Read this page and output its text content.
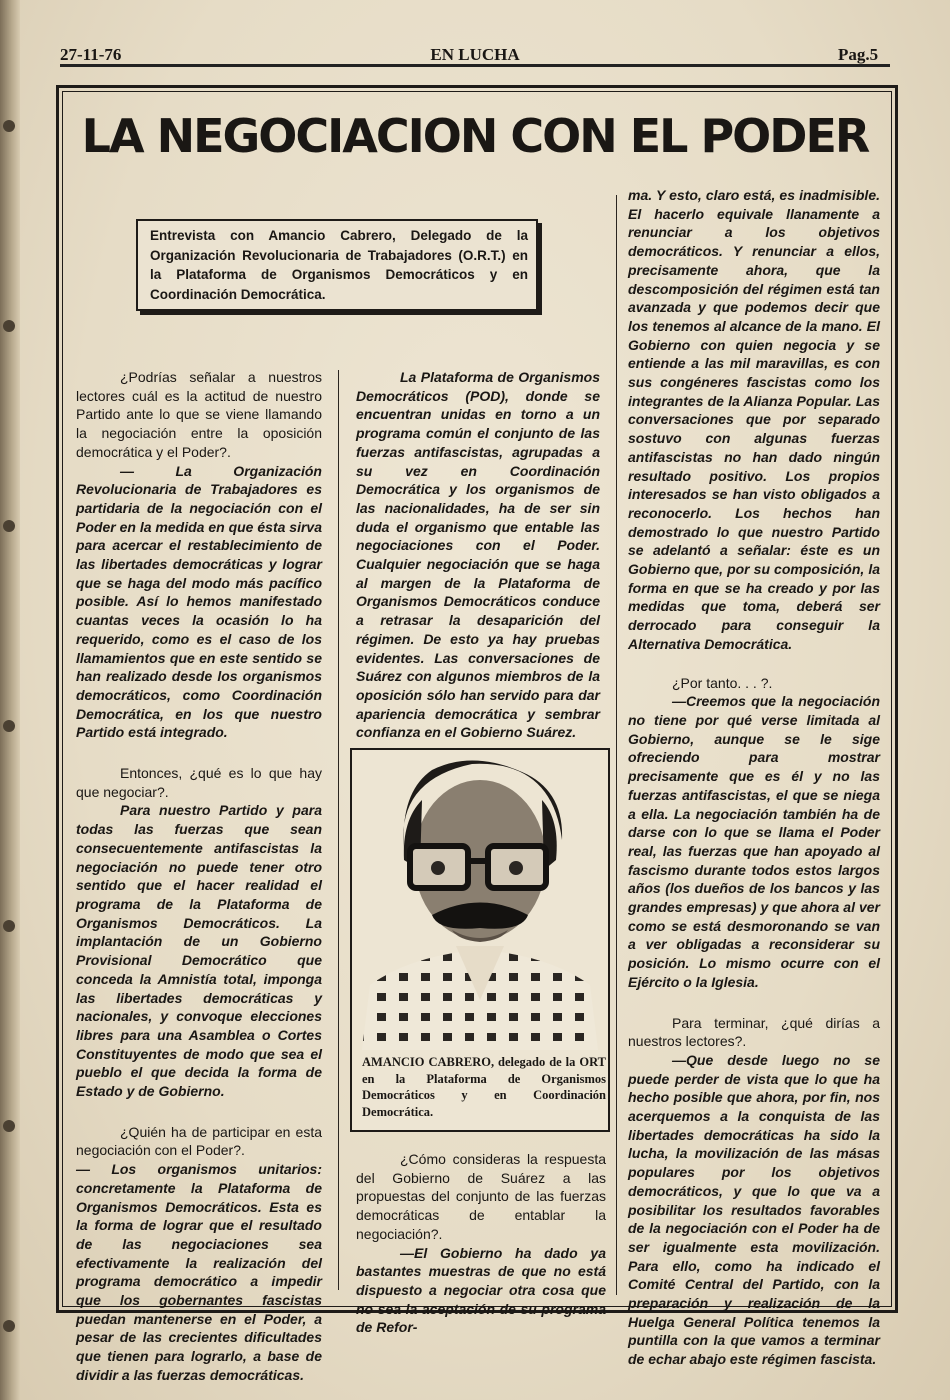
27-11-76	EN LUCHA	Pag.5
LA NEGOCIACION CON EL PODER
Entrevista con Amancio Cabrero, Delegado de la Organización Revolucionaria de Trabajadores (O.R.T.) en la Plataforma de Organismos Democráticos y en Coordinación Democrática.

¿Podrías señalar a nuestros lectores cuál es la actitud de nuestro Partido ante lo que se viene llamando la negociación entre la oposición democrática y el Poder?.

— La Organización Revolucionaria de Trabajadores es partidaria de la negociación con el Poder en la medida en que ésta sirva para acercar el restablecimiento de las libertades democráticas y lograr que se haga del modo más pacífico posible. Así lo hemos manifestado cuantas veces la ocasión lo ha requerido, como es el caso de los llamamientos que en este sentido se han realizado desde los organismos democráticos, como Coordinación Democrática, en los que nuestro Partido está integrado.

Entonces, ¿qué es lo que hay que negociar?.

Para nuestro Partido y para todas las fuerzas que sean consecuentemente antifascistas la negociación no puede tener otro sentido que el hacer realidad el programa de la Plataforma de Organismos Democráticos. La implantación de un Gobierno Provisional Democrático que conceda la Amnistía total, imponga las libertades democráticas y nacionales, y convoque elecciones libres para una Asamblea o Cortes Constituyentes de modo que sea el pueblo el que decida la forma de Estado y de Gobierno.

¿Quién ha de participar en esta negociación con el Poder?.

— Los organismos unitarios: concretamente la Plataforma de Organismos Democráticos. Esta es la forma de lograr que el resultado de las negociaciones sea efectivamente la realización del programa democrático a impedir que los gobernantes fascistas puedan mantenerse en el Poder, a pesar de las crecientes dificultades que tienen para lograrlo, a base de dividir a las fuerzas democráticas.

La Plataforma de Organismos Democráticos (POD), donde se encuentran unidas en torno a un programa común el conjunto de las fuerzas antifascistas, agrupadas a su vez en Coordinación Democrática y los organismos de las nacionalidades, ha de ser sin duda el organismo que entable las negociaciones con el Poder. Cualquier negociación que se haga al margen de la Plataforma de Organismos Democráticos conduce a retrasar la desaparición del régimen. De esto ya hay pruebas evidentes. Las conversaciones de Suárez con algunos miembros de la oposición sólo han servido para dar apariencia democrática y sembrar confianza en el Gobierno Suárez.

AMANCIO CABRERO, delegado de la ORT en la Plataforma de Organismos Democráticos y en Coordinación Democrática.

¿Cómo consideras la respuesta del Gobierno de Suárez a las propuestas del conjunto de las fuerzas democráticas de entablar la negociación?.

—El Gobierno ha dado ya bastantes muestras de que no está dispuesto a negociar otra cosa que no sea la aceptación de su programa de Refor-

ma. Y esto, claro está, es inadmisible. El hacerlo equivale llanamente a renunciar a los objetivos democráticos. Y renunciar a ellos, precisamente ahora, que la descomposición del régimen está tan avanzada y que podemos decir que los tenemos al alcance de la mano. El Gobierno con quien negocia y se entiende a las mil maravillas, es con sus congéneres fascistas como los integrantes de la Alianza Popular. Las conversaciones que por separado sostuvo con algunas fuerzas antifascistas no han dado ningún resultado positivo. Los propios interesados se han visto obligados a reconocerlo. Los hechos han demostrado lo que nuestro Partido se adelantó a señalar: éste es un Gobierno que, por su composición, la forma en que se ha creado y por las medidas que toma, deberá ser derrocado para conseguir la Alternativa Democrática.

¿Por tanto. . . ?.

—Creemos que la negociación no tiene por qué verse limitada al Gobierno, aunque se le sige ofreciendo para mostrar precisamente que es él y no las fuerzas antifascistas, el que se niega a ella. La negociación también ha de darse con lo que se llama el Poder real, las fuerzas que han apoyado al fascismo durante todos estos largos años (los dueños de los bancos y las grandes empresas) y que ahora al ver como se está desmoronando se van a ver obligadas a reconsiderar su posición. Lo mismo ocurre con el Ejército o la Iglesia.

Para terminar, ¿qué dirías a nuestros lectores?.

—Que desde luego no se puede perder de vista que lo que ha hecho posible que ahora, por fin, nos acerquemos a la conquista de las libertades democráticas ha sido la lucha, la movilización de las másas populares por los objetivos democráticos, y que lo que va a posibilitar los resultados favorables de la negociación con el Poder ha de ser igualmente esta movilización. Para ello, como ha indicado el Comité Central del Partido, con la preparación y realización de la Huelga General Política tenemos la puntilla con la que vamos a terminar de echar abajo este régimen fascista.
